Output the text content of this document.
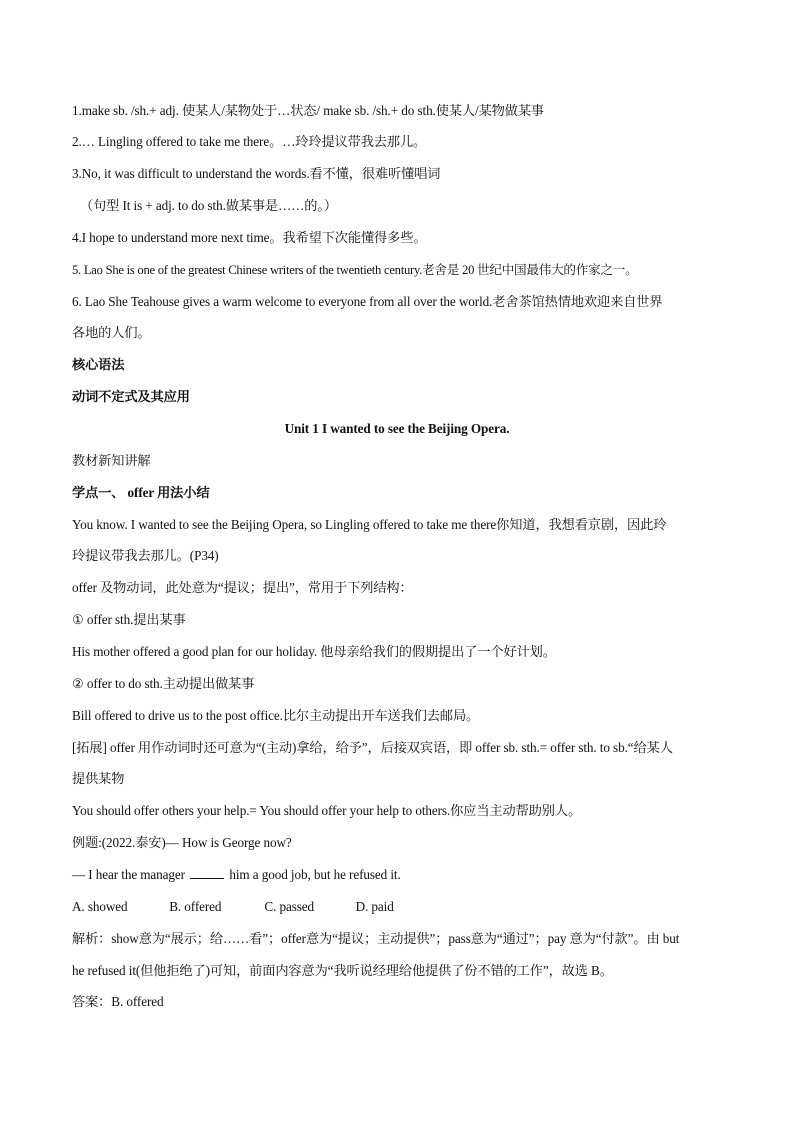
1.make sb. /sh.+ adj. 使某人/某物处于…状态/ make sb. /sh.+ do sth.使某人/某物做某事
2.… Lingling offered to take me there。…玲玲提议带我去那儿。
3.No, it was difficult to understand the words.看不懂，很难听懂唱词
（句型 It is + adj. to do sth.做某事是……的。）
4.I hope to understand more next time。我希望下次能懂得多些。
5. Lao She is one of the greatest Chinese writers of the twentieth century.老舍是 20 世纪中国最伟大的作家之一。
6. Lao She Teahouse gives a warm welcome to everyone from all over the world.老舍茶馆热情地欢迎来自世界
各地的人们。
核心语法
动词不定式及其应用
Unit 1 I wanted to see the Beijing Opera.
教材新知讲解
学点一、 offer 用法小结
You know. I wanted to see the Beijing Opera, so Lingling offered to take me there你知道，我想看京剧，因此玲
玲提议带我去那儿。(P34)
offer 及物动词，此处意为“提议；提出”，常用于下列结构：
① offer sth.提出某事
His mother offered a good plan for our holiday. 他母亲给我们的假期提出了一个好计划。
② offer to do sth.主动提出做某事
Bill offered to drive us to the post office.比尔主动提出开车送我们去邮局。
[拓展] offer 用作动词时还可意为“(主动)拿给，给予”，后接双宾语，即 offer sb. sth.= offer sth. to sb.“给某人
提供某物
You should offer others your help.= You should offer your help to others.你应当主动帮助别人。
例题:(2022.泰安)— How is George now?
— I hear the manager	him a good job, but he refused it.
A. showed	B. offered	C. passed	D. paid
解析：show意为“展示；给……看”；offer意为“提议；主动提供”；pass意为“通过”；pay 意为“付款”。由 but
he refused it(但他拒绝了)可知，前面内容意为“我听说经理给他提供了份不错的工作”，故选 B。
答案：B. offered
